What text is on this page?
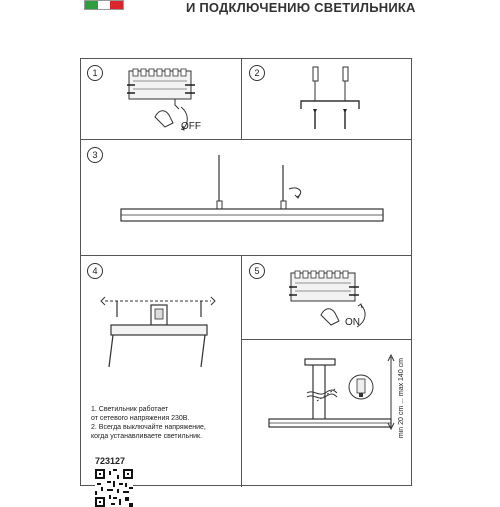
И ПОДКЛЮЧЕНИЮ СВЕТИЛЬНИКА
1
OFF
2
3
4	5
ON
1. Светильник работает
от сетевого напряжения 230В.
2. Всегда выключайте напряжение,
когда устанавливаете светильник.
723127
min 20 cm ... max 140 cm
